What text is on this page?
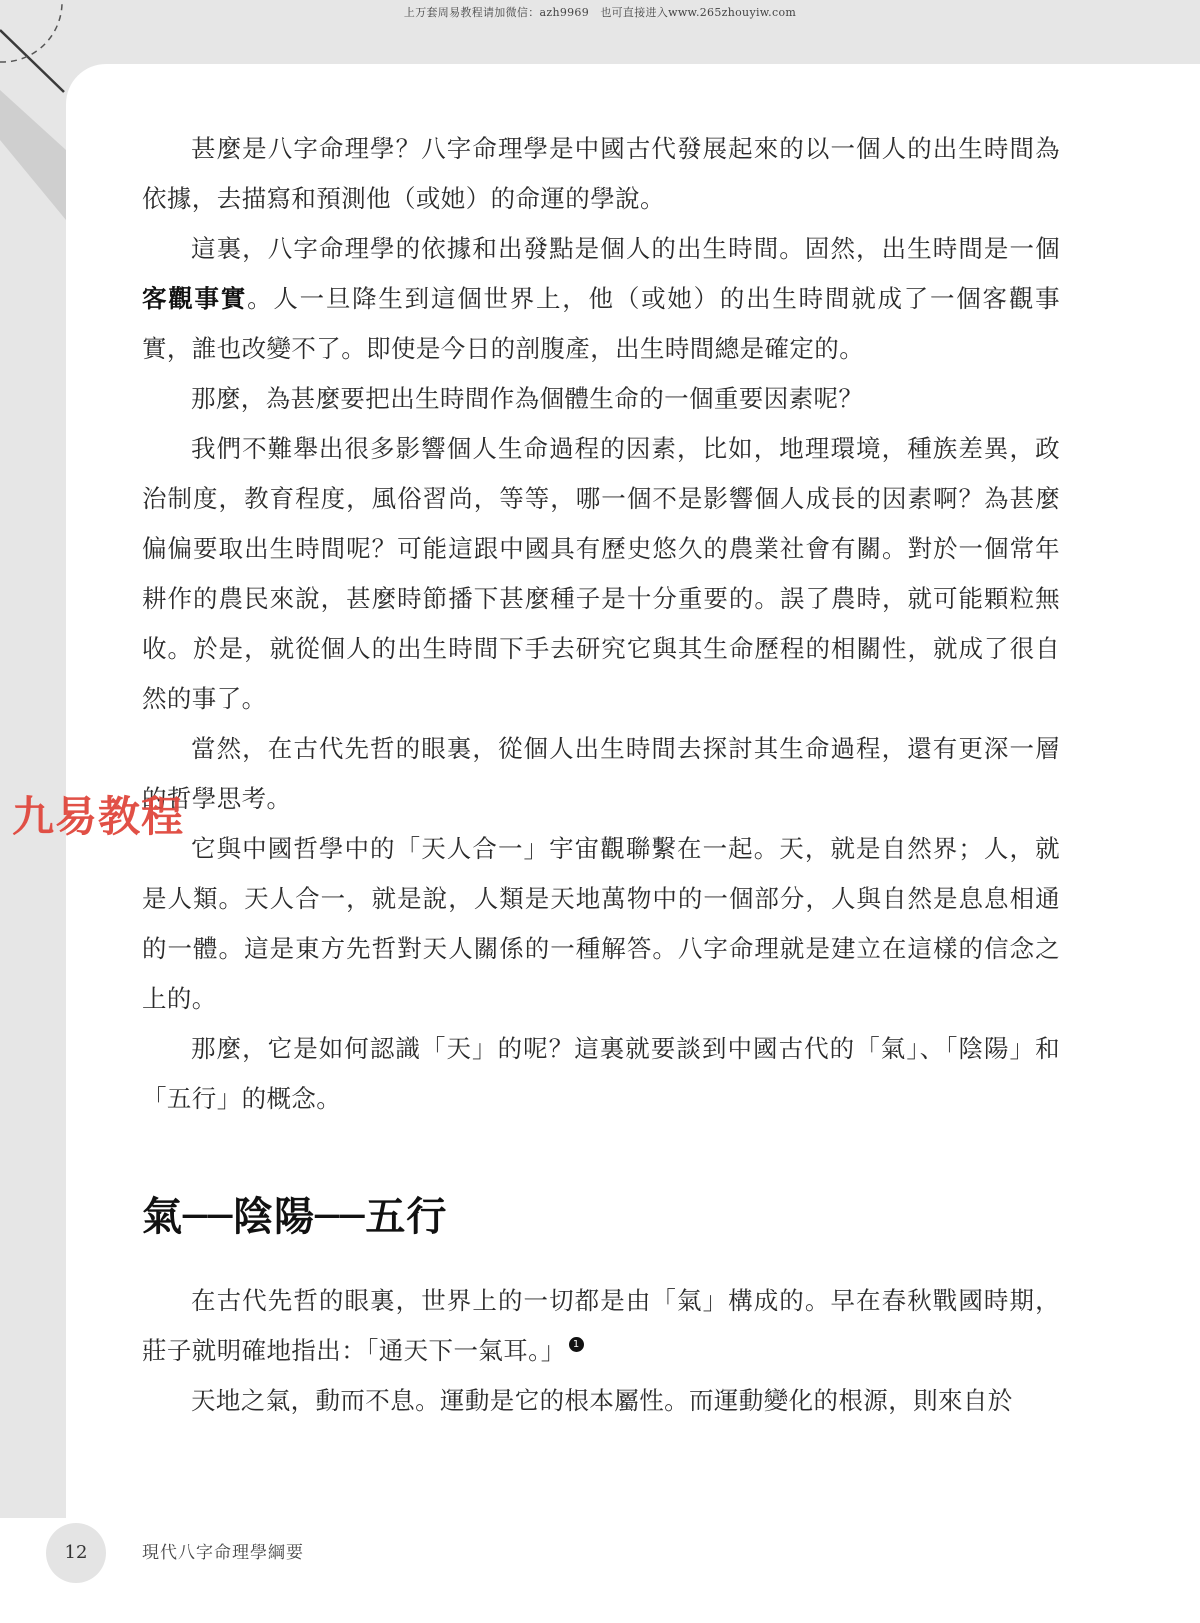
上万套周易教程请加微信：azh9969　也可直接进入www.265zhouyiw.com

甚麼是八字命理學？八字命理學是中國古代發展起來的以一個人的出生時間為依據，去描寫和預測他（或她）的命運的學說。

這裏，八字命理學的依據和出發點是個人的出生時間。固然，出生時間是一個客觀事實。人一旦降生到這個世界上，他（或她）的出生時間就成了一個客觀事實，誰也改變不了。即使是今日的剖腹產，出生時間總是確定的。

那麼，為甚麼要把出生時間作為個體生命的一個重要因素呢？

我們不難舉出很多影響個人生命過程的因素，比如，地理環境，種族差異，政治制度，教育程度，風俗習尚，等等，哪一個不是影響個人成長的因素啊？為甚麼偏偏要取出生時間呢？可能這跟中國具有歷史悠久的農業社會有關。對於一個常年耕作的農民來說，甚麼時節播下甚麼種子是十分重要的。誤了農時，就可能顆粒無收。於是，就從個人的出生時間下手去研究它與其生命歷程的相關性，就成了很自然的事了。

當然，在古代先哲的眼裏，從個人出生時間去探討其生命過程，還有更深一層的哲學思考。

它與中國哲學中的「天人合一」宇宙觀聯繫在一起。天，就是自然界；人，就是人類。天人合一，就是說，人類是天地萬物中的一個部分，人與自然是息息相通的一體。這是東方先哲對天人關係的一種解答。八字命理就是建立在這樣的信念之上的。

那麼，它是如何認識「天」的呢？這裏就要談到中國古代的「氣」、「陰陽」和「五行」的概念。

氣──陰陽──五行

在古代先哲的眼裏，世界上的一切都是由「氣」構成的。早在春秋戰國時期，莊子就明確地指出：「通天下一氣耳。」 1

天地之氣，動而不息。運動是它的根本屬性。而運動變化的根源，則來自於

九易教程
12	現代八字命理學綱要
